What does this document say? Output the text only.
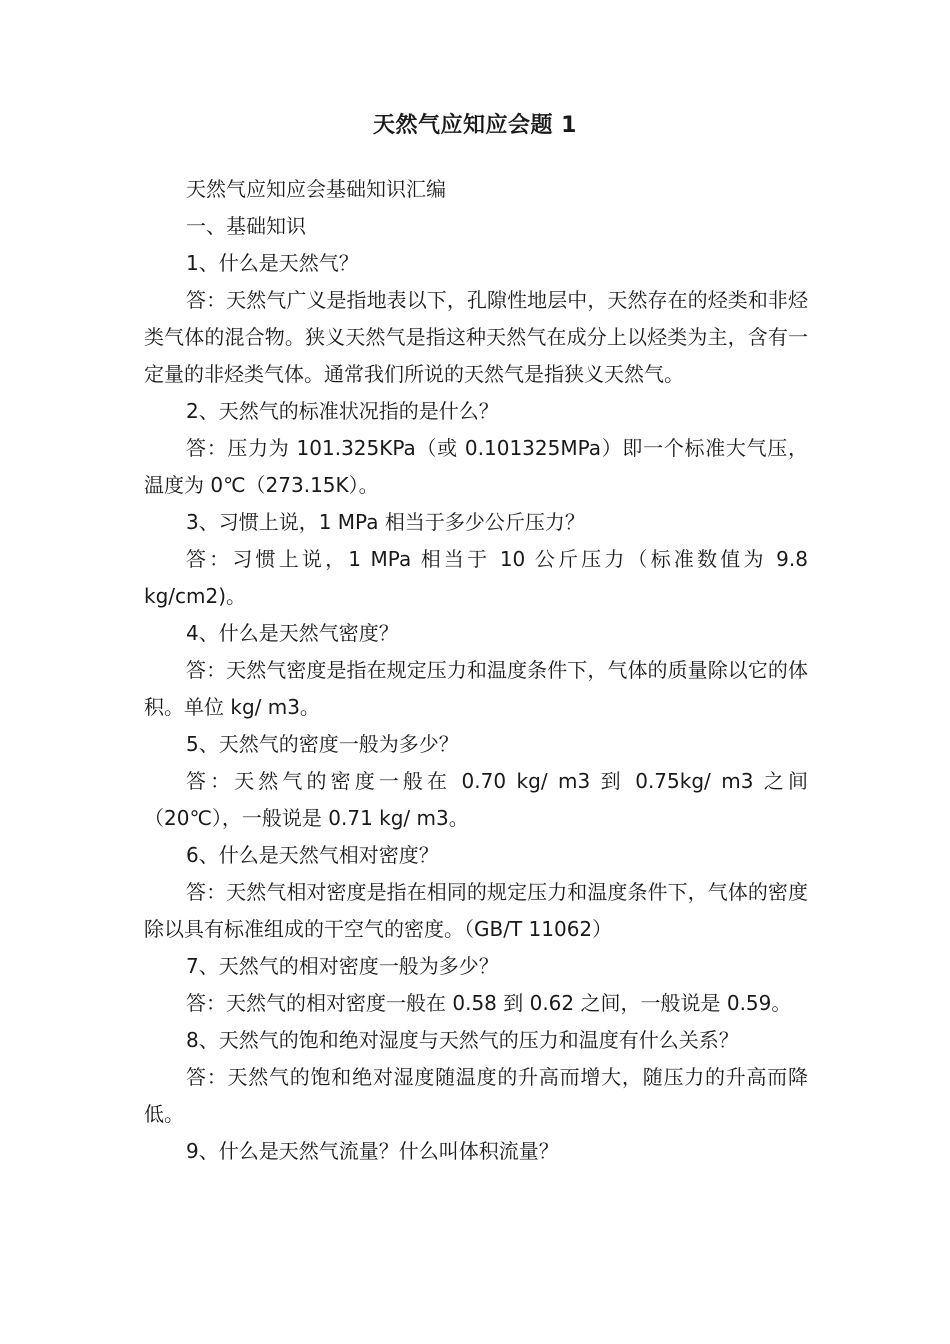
天然气应知应会题 1

天然气应知应会基础知识汇编

一、基础知识

1、什么是天然气？

答：天然气广义是指地表以下，孔隙性地层中，天然存在的烃类和非烃类气体的混合物。狭义天然气是指这种天然气在成分上以烃类为主，含有一定量的非烃类气体。通常我们所说的天然气是指狭义天然气。

2、天然气的标准状况指的是什么？

答：压力为 101.325KPa（或 0.101325MPa）即一个标准大气压，温度为 0℃（273.15K）。

3、习惯上说，1 MPa 相当于多少公斤压力？

答：习惯上说，1 MPa 相当于 10 公斤压力（标准数值为 9.8 kg/cm2)。

4、什么是天然气密度？

答：天然气密度是指在规定压力和温度条件下，气体的质量除以它的体积。单位 kg/ m3。

5、天然气的密度一般为多少？

答：天然气的密度一般在 0.70 kg/ m3 到 0.75kg/ m3 之间（20℃），一般说是 0.71 kg/ m3。

6、什么是天然气相对密度？

答：天然气相对密度是指在相同的规定压力和温度条件下，气体的密度除以具有标准组成的干空气的密度。（GB/T 11062）

7、天然气的相对密度一般为多少？

答：天然气的相对密度一般在 0.58 到 0.62 之间，一般说是 0.59。

8、天然气的饱和绝对湿度与天然气的压力和温度有什么关系？

答：天然气的饱和绝对湿度随温度的升高而增大，随压力的升高而降低。

9、什么是天然气流量？什么叫体积流量？
